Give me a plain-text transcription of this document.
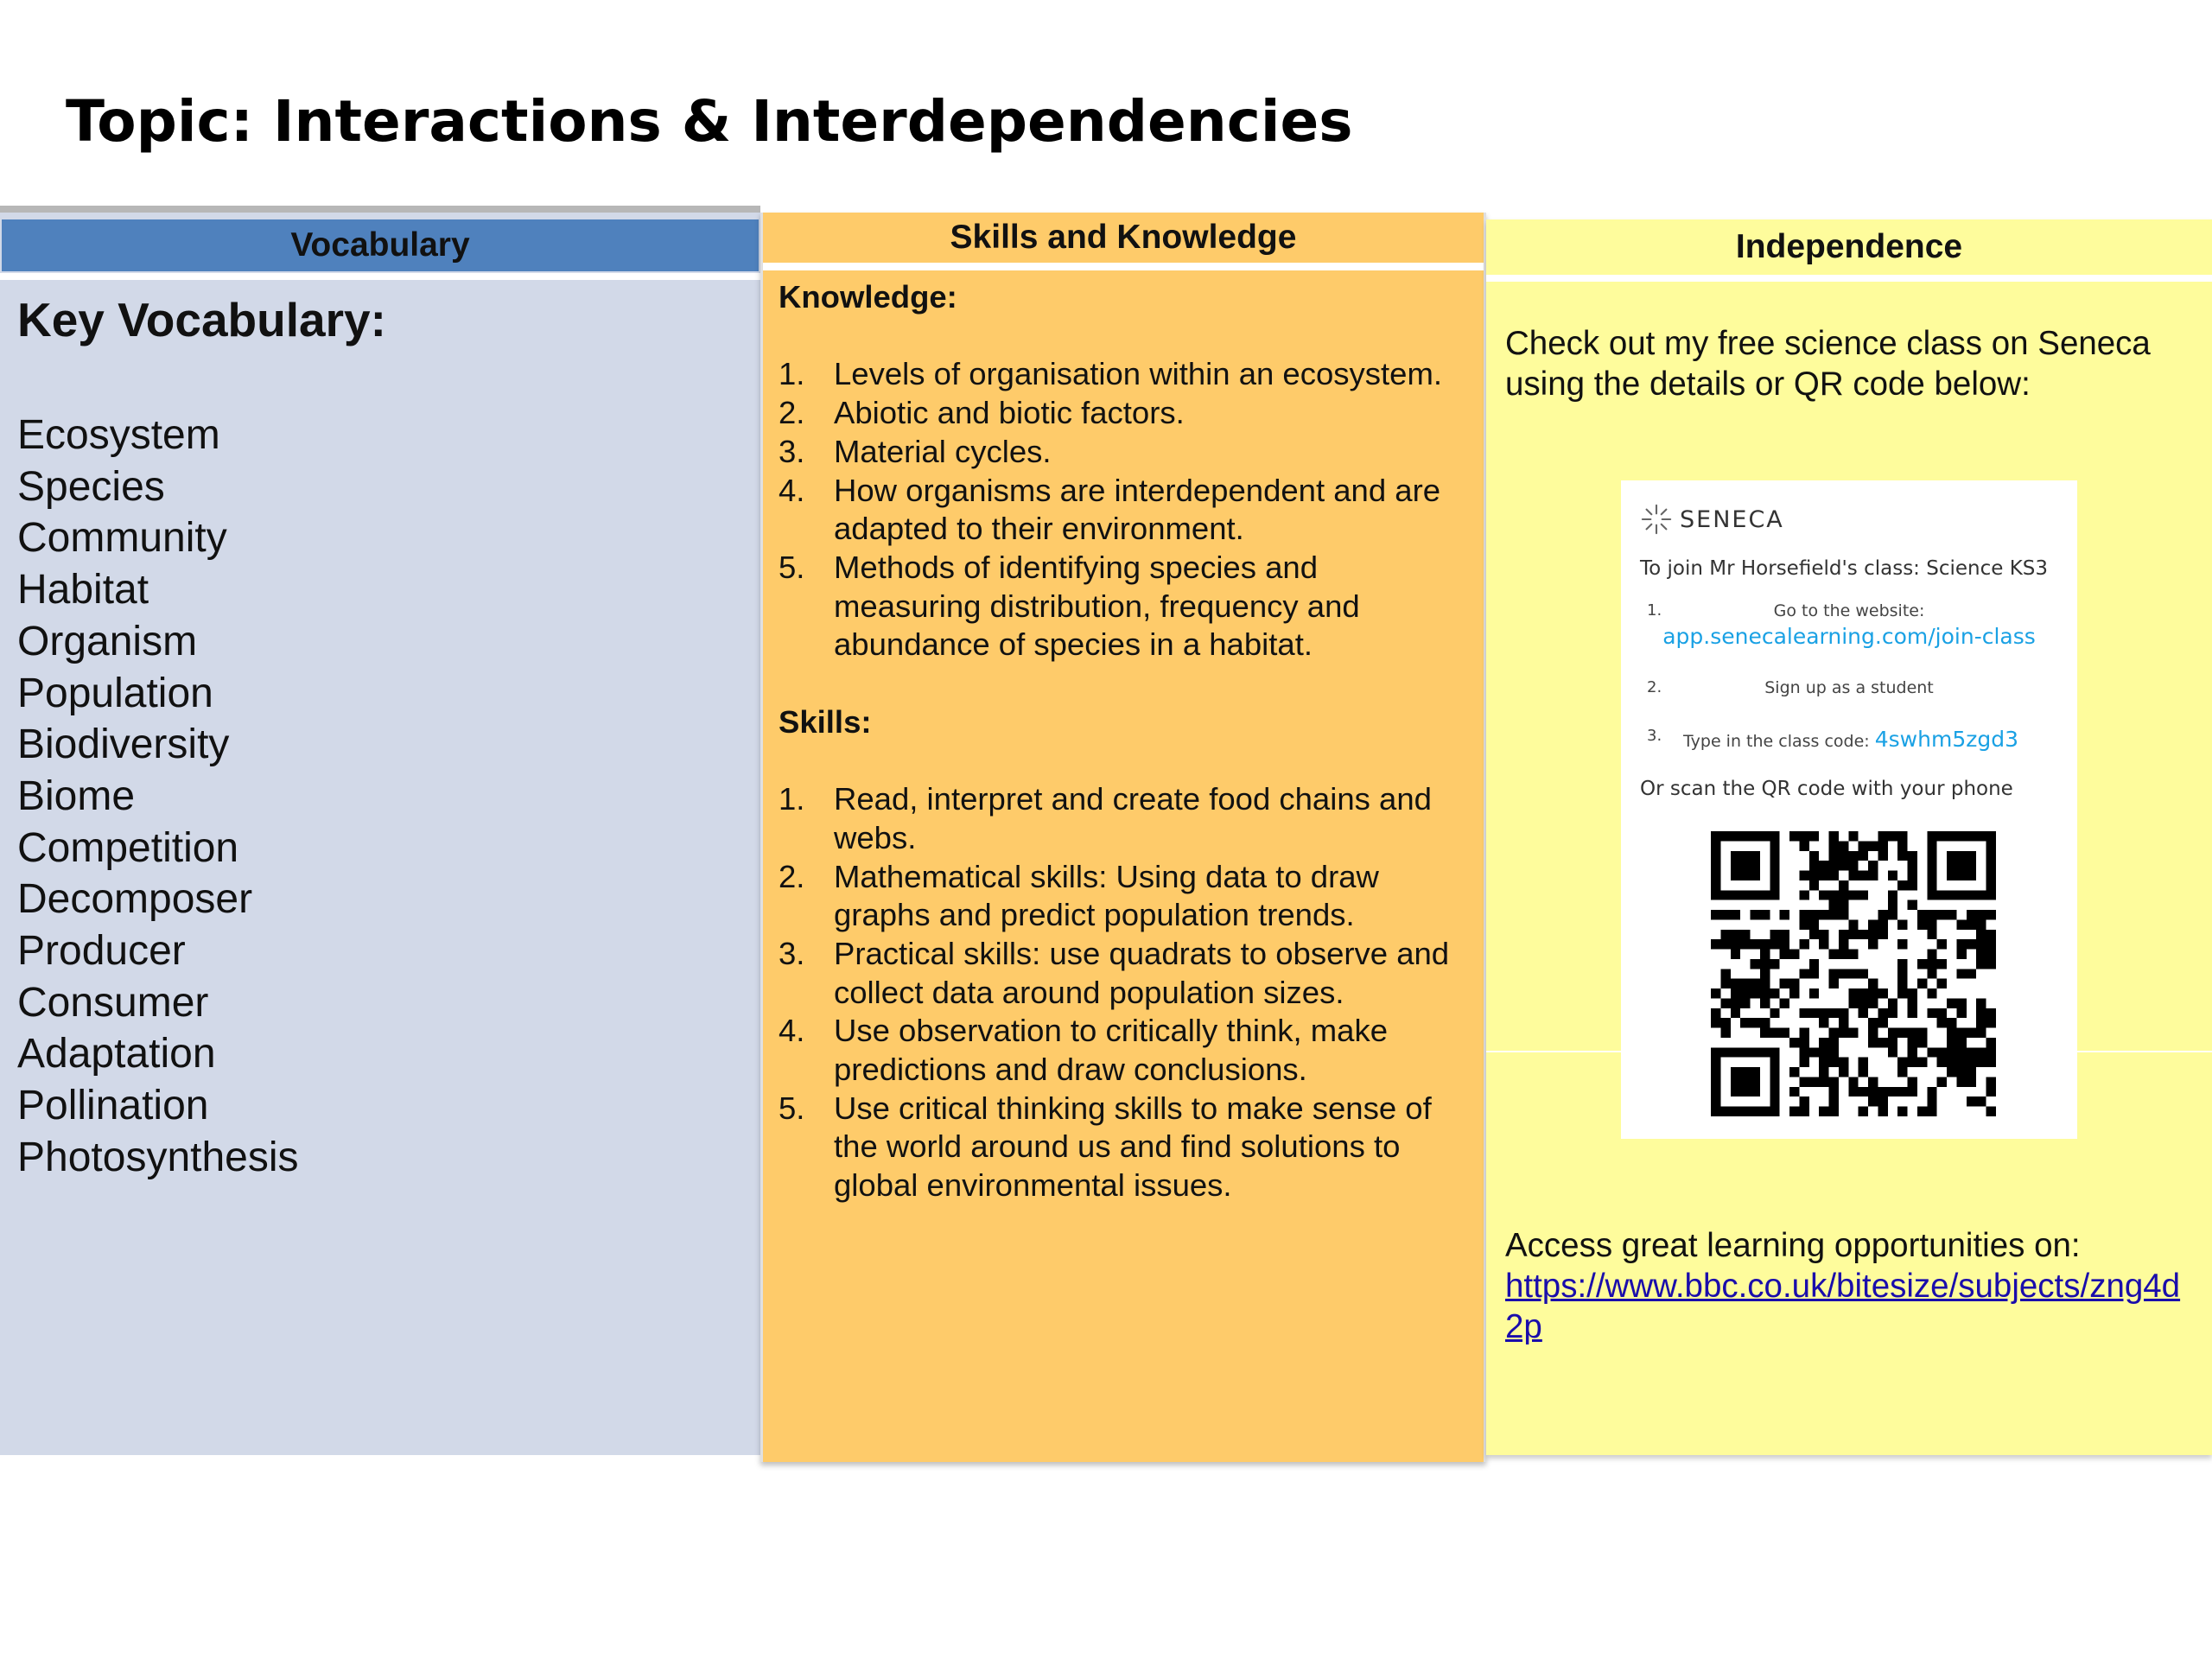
Topic: Interactions & Interdependencies
Vocabulary
Key Vocabulary:
Ecosystem
Species
Community
Habitat
Organism
Population
Biodiversity
Biome
Competition
Decomposer
Producer
Consumer
Adaptation
Pollination
Photosynthesis
Skills and Knowledge

Knowledge:

1. Levels of organisation within an ecosystem.
2. Abiotic and biotic factors.
3. Material cycles.
4. How organisms are interdependent and are adapted to their environment.
5. Methods of identifying species and measuring distribution, frequency and abundance of species in a habitat.

Skills:

1. Read, interpret and create food chains and webs.
2. Mathematical skills: Using data to draw graphs and predict population trends.
3. Practical skills: use quadrats to observe and collect data around population sizes.
4. Use observation to critically think, make predictions and draw conclusions.
5. Use critical thinking skills to make sense of the world around us and find solutions to global environmental issues.
Independence
Check out my free science class on Seneca using the details or QR code below:
Access great learning opportunities on:
https://www.bbc.co.uk/bitesize/subjects/zng4d2p
SENECA
To join Mr Horsefield's class: Science KS3
1.	Go to the website:
app.senecalearning.com/join-class
2.	Sign up as a student
3. Type in the class code: 4swhm5zgd3
Or scan the QR code with your phone
